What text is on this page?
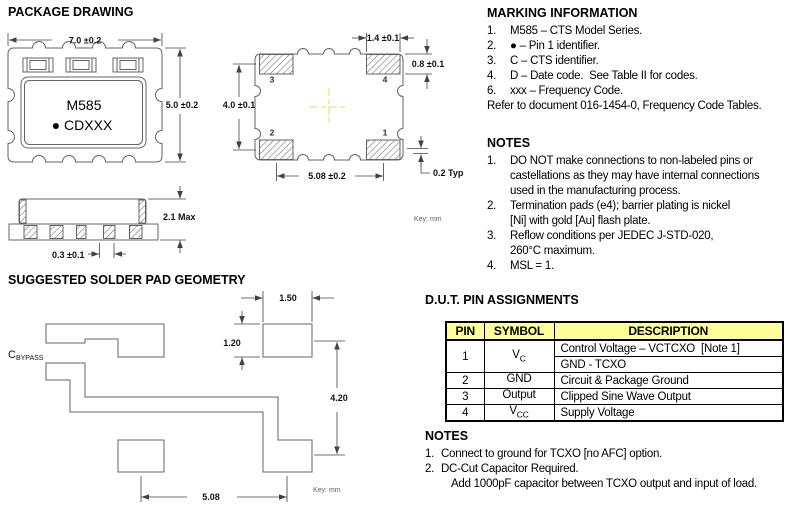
M585
● CDXXX
7.0 ±0.2
5.0 ±0.2
3	4
2	1
1.4 ±0.1
0.8 ±0.1
4.0 ±0.1
5.08 ±0.2	0.2 Typ
Key: mm
2.1 Max
0.3 ±0.1
CBYPASS
1.50
1.20
4.20
5.08
Key: mm
PACKAGE DRAWING
SUGGESTED SOLDER PAD GEOMETRY
MARKING INFORMATION
1.	M585 – CTS Model Series.
2.	● – Pin 1 identifier.
3.	C – CTS identifier.
4.	D – Date code.  See Table II for codes.
6.	xxx – Frequency Code.
Refer to document 016-1454-0, Frequency Code Tables.
NOTES
1.	DO NOT make connections to non-labeled pins or
castellations as they may have internal connections
used in the manufacturing process.
2.	Termination pads (e4); barrier plating is nickel
[Ni] with gold [Au] flash plate.
3.	Reflow conditions per JEDEC J-STD-020,
260°C maximum.
4.	MSL = 1.
D.U.T. PIN ASSIGNMENTS
PIN	SYMBOL	DESCRIPTION
1	$V_C$	Control Voltage – VCTCXO  [Note 1]
		GND - TCXO
2	GND	Circuit & Package Ground
3	Output	Clipped Sine Wave Output
4	$V_{CC}$	Supply Voltage
NOTES
1. Connect to ground for TCXO [no AFC] option.
2. DC-Cut Capacitor Required.
Add 1000pF capacitor between TCXO output and input of load.
